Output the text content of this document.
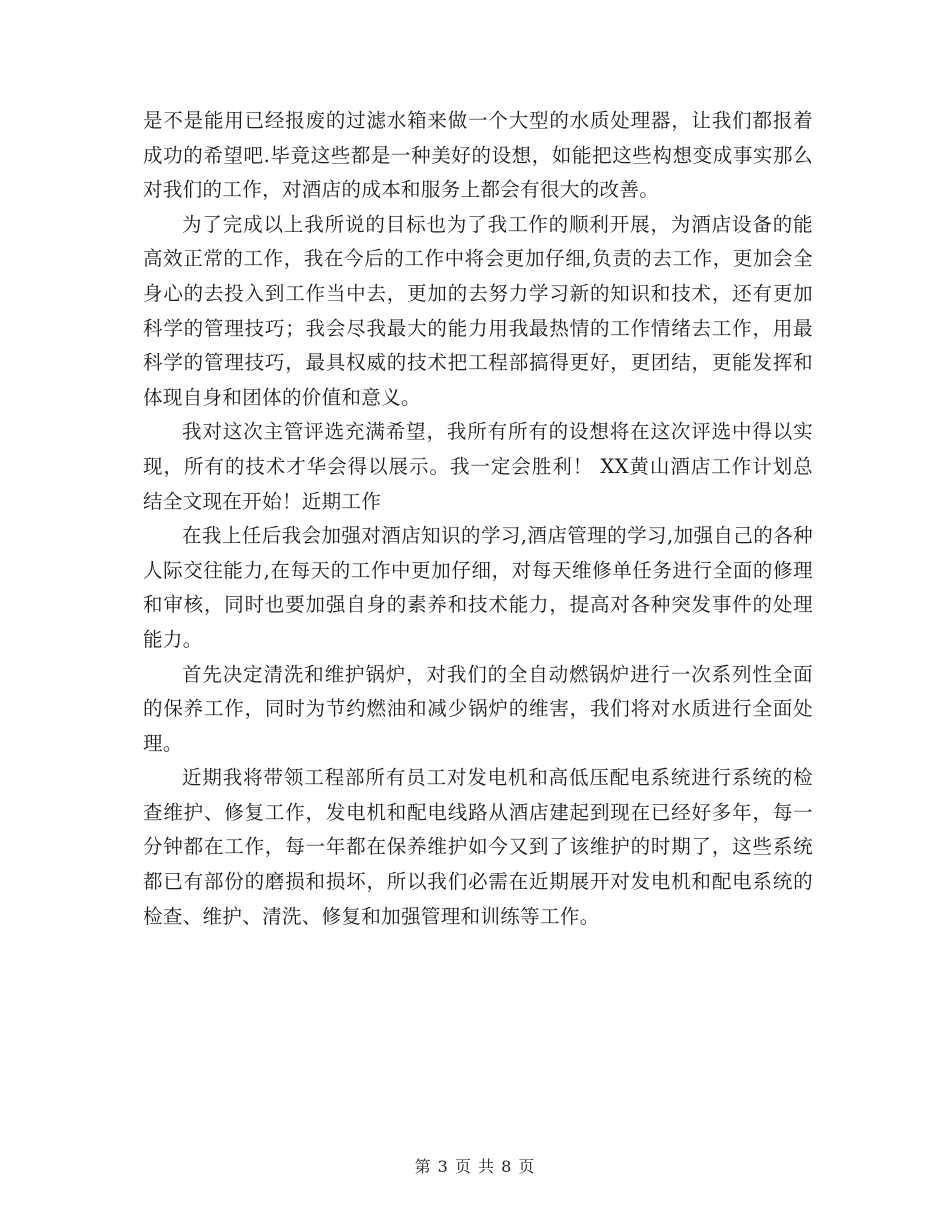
是不是能用已经报废的过滤水箱来做一个大型的水质处理器，让我们都报着成功的希望吧.毕竟这些都是一种美好的设想，如能把这些构想变成事实那么对我们的工作，对酒店的成本和服务上都会有很大的改善。

为了完成以上我所说的目标也为了我工作的顺利开展，为酒店设备的能高效正常的工作，我在今后的工作中将会更加仔细,负责的去工作，更加会全身心的去投入到工作当中去，更加的去努力学习新的知识和技术，还有更加科学的管理技巧；我会尽我最大的能力用我最热情的工作情绪去工作，用最科学的管理技巧，最具权威的技术把工程部搞得更好，更团结，更能发挥和体现自身和团体的价值和意义。

我对这次主管评选充满希望，我所有所有的设想将在这次评选中得以实现，所有的技术才华会得以展示。我一定会胜利！ XX黄山酒店工作计划总结全文现在开始！近期工作

在我上任后我会加强对酒店知识的学习,酒店管理的学习,加强自己的各种人际交往能力,在每天的工作中更加仔细，对每天维修单任务进行全面的修理和审核，同时也要加强自身的素养和技术能力，提高对各种突发事件的处理能力。

首先决定清洗和维护锅炉，对我们的全自动燃锅炉进行一次系列性全面的保养工作，同时为节约燃油和减少锅炉的维害，我们将对水质进行全面处理。

近期我将带领工程部所有员工对发电机和高低压配电系统进行系统的检查维护、修复工作，发电机和配电线路从酒店建起到现在已经好多年，每一分钟都在工作，每一年都在保养维护如今又到了该维护的时期了，这些系统都已有部份的磨损和损坏，所以我们必需在近期展开对发电机和配电系统的检查、维护、清洗、修复和加强管理和训练等工作。

第 3 页 共 8 页
